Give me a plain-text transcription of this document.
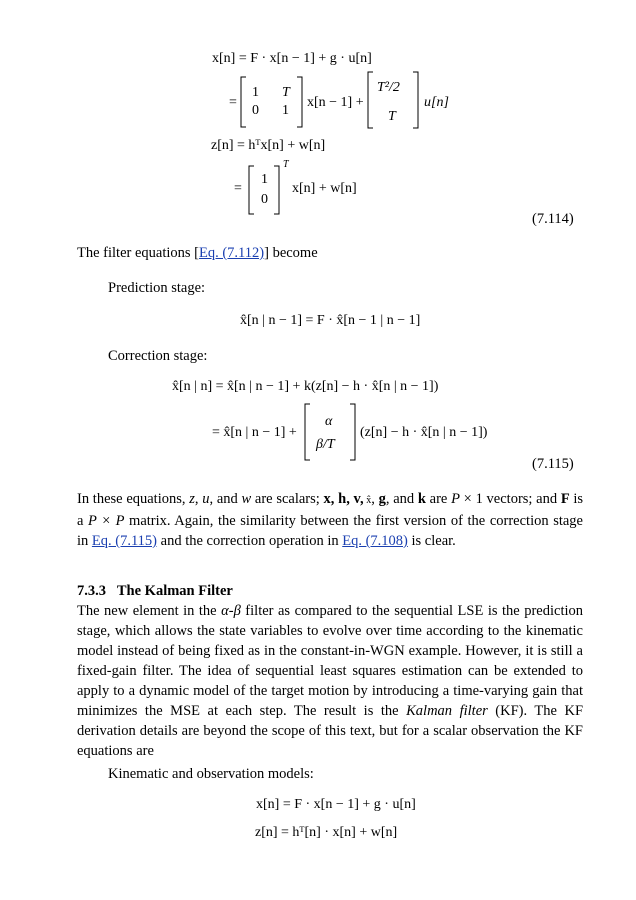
x[n] = F · x[n − 1] + g · u[n]
=
1 T
0 1
x[n − 1] +
T²/2
T
u[n]
z[n] = hᵀx[n] + w[n]
=
1
0
T
x[n] + w[n]
(7.114)
The filter equations [Eq. (7.112)] become
Prediction stage:
x̂[n | n − 1] = F · x̂[n − 1 | n − 1]
Correction stage:
x̂[n | n] = x̂[n | n − 1] + k(z[n] − h · x̂[n | n − 1])
= x̂[n | n − 1] +
α
β/T
(z[n] − h · x̂[n | n − 1])
(7.115)
In these equations, z, u, and w are scalars; x, h, v, x̂, g, and k are P × 1 vectors; and F is a P × P matrix. Again, the similarity between the first version of the correction stage in Eq. (7.115) and the correction operation in Eq. (7.108) is clear.
7.3.3 The Kalman Filter
The new element in the α-β filter as compared to the sequential LSE is the prediction stage, which allows the state variables to evolve over time according to the kinematic model instead of being fixed as in the constant-in-WGN example. However, it is still a fixed-gain filter. The idea of sequential least squares estimation can be extended to apply to a dynamic model of the target motion by introducing a time-varying gain that minimizes the MSE at each step. The result is the Kalman filter (KF). The KF derivation details are beyond the scope of this text, but for a scalar observation the KF equations are
Kinematic and observation models:
x[n] = F · x[n − 1] + g · u[n]
z[n] = hᵀ[n] · x[n] + w[n]
